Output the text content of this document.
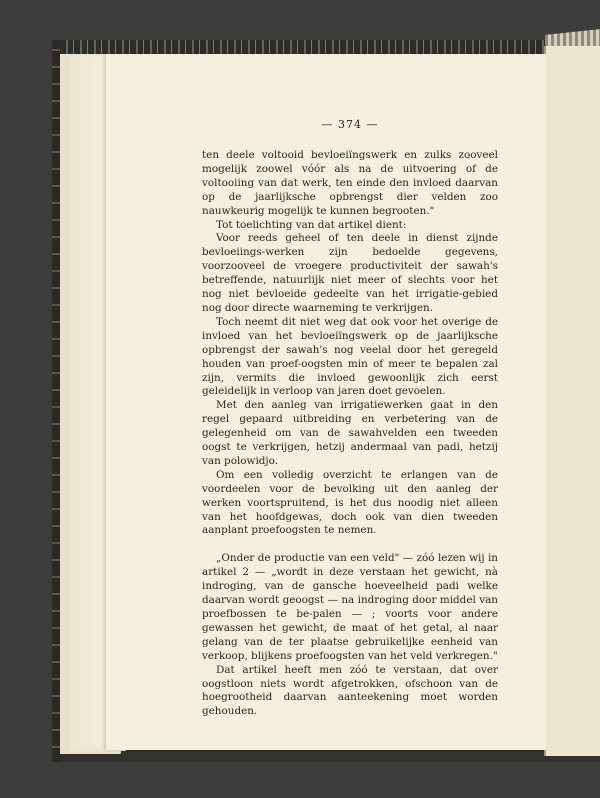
— 374 —

ten deele voltooid bevloeiïngswerk en zulks zooveel mogelijk zoowel vóór als na de uitvoering of de voltooiing van dat werk, ten einde den invloed daarvan op de jaarlijksche opbrengst dier velden zoo nauwkeurig mogelijk te kunnen begrooten."

Tot toelichting van dat artikel dient:

Voor reeds geheel of ten deele in dienst zijnde bevloeiings-werken zijn bedoelde gegevens, voorzooveel de vroegere productiviteit der sawah's betreffende, natuurlijk niet meer of slechts voor het nog niet bevloeide gedeelte van het irrigatie-gebied nog door directe waarneming te verkrijgen.

Toch neemt dit niet weg dat ook voor het overige de invloed van het bevloeiïngswerk op de jaarlijksche opbrengst der sawah's nog veelal door het geregeld houden van proef-oogsten min of meer te bepalen zal zijn, vermits die invloed gewoonlijk zich eerst geleidelijk in verloop van jaren doet gevoelen.

Met den aanleg van irrigatiewerken gaat in den regel gepaard uitbreiding en verbetering van de gelegenheid om van de sawahvelden een tweeden oogst te verkrijgen, hetzij andermaal van padi, hetzij van polowidjo.

Om een volledig overzicht te erlangen van de voordeelen voor de bevolking uit den aanleg der werken voortspruitend, is het dus noodig niet alleen van het hoofdgewas, doch ook van dien tweeden aanplant proefoogsten te nemen.

„Onder de productie van een veld" — zóó lezen wij in artikel 2 — „wordt in deze verstaan het gewicht, nà indroging, van de gansche hoeveelheid padi welke daarvan wordt geoogst — na indroging door middel van proefbossen te be-palen — ; voorts voor andere gewassen het gewicht, de maat of het getal, al naar gelang van de ter plaatse gebruikelijke eenheid van verkoop, blijkens proefoogsten van het veld verkregen."

Dat artikel heeft men zóó te verstaan, dat over oogstloon niets wordt afgetrokken, ofschoon van de hoegrootheid daarvan aanteekening moet worden gehouden.
